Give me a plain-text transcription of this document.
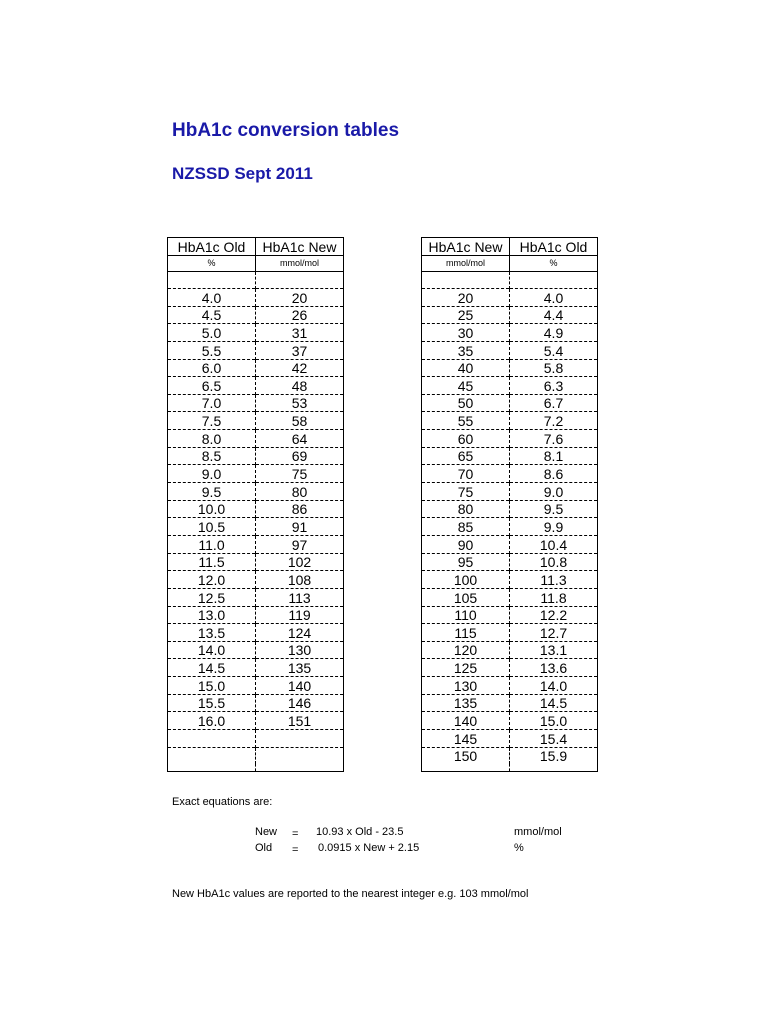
HbA1c conversion tables
NZSSD Sept 2011
HbA1c Old	HbA1c New
%	mmol/mol

4.0	20
4.5	26
5.0	31
5.5	37
6.0	42
6.5	48
7.0	53
7.5	58
8.0	64
8.5	69
9.0	75
9.5	80
10.0	86
10.5	91
11.0	97
11.5	102
12.0	108
12.5	113
13.0	119
13.5	124
14.0	130
14.5	135
15.0	140
15.5	146
16.0	151

HbA1c New	HbA1c Old
mmol/mol	%

20	4.0
25	4.4
30	4.9
35	5.4
40	5.8
45	6.3
50	6.7
55	7.2
60	7.6
65	8.1
70	8.6
75	9.0
80	9.5
85	9.9
90	10.4
95	10.8
100	11.3
105	11.8
110	12.2
115	12.7
120	13.1
125	13.6
130	14.0
135	14.5
140	15.0
145	15.4
150	15.9

Exact equations are:
New = 10.93 x Old - 23.5	mmol/mol
Old = 0.0915 x New + 2.15	%
New HbA1c values are reported to the nearest integer e.g. 103 mmol/mol
